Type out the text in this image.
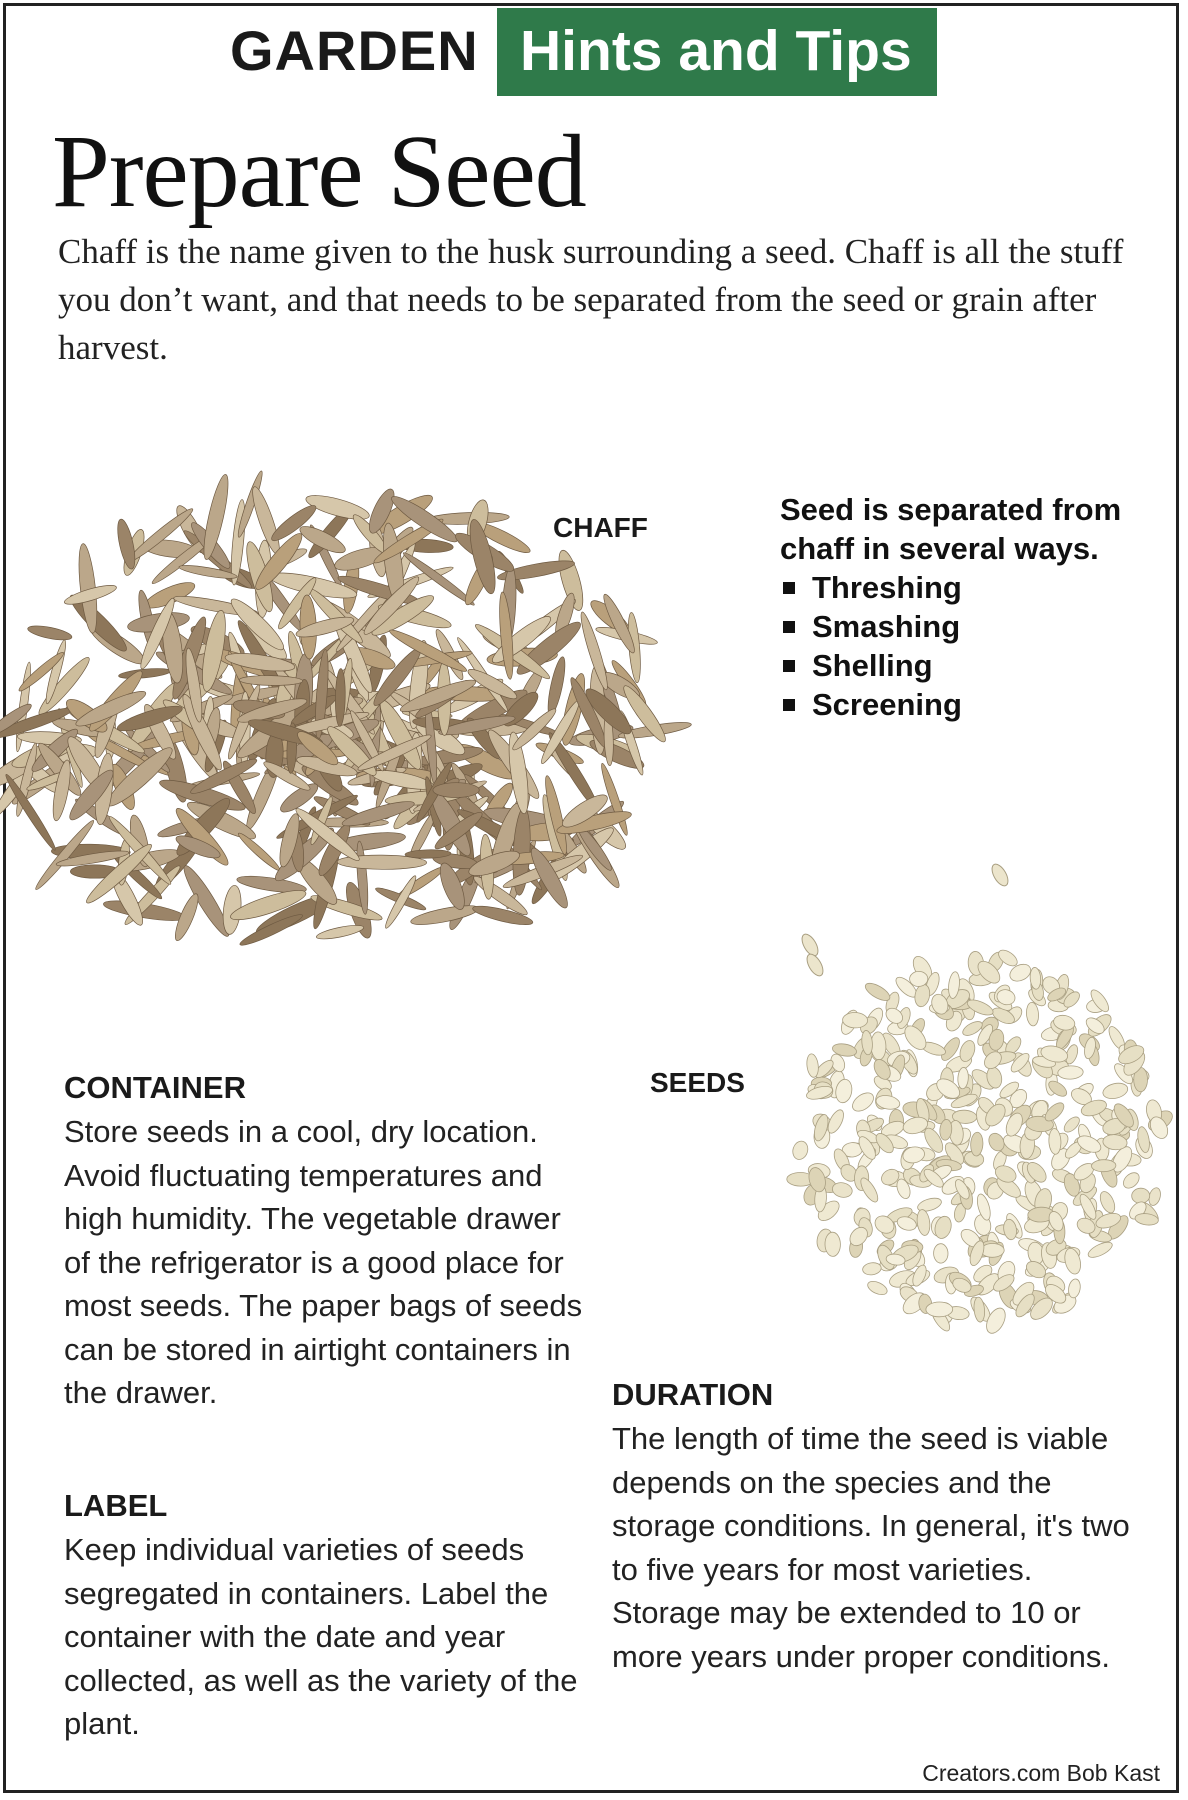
GARDEN Hints and Tips
Prepare Seed
Chaff is the name given to the husk surrounding a seed. Chaff is all the stuff you don’t want, and that needs to be separated from the seed or grain after harvest.
CHAFF
SEEDS
Seed is separated from chaff in several ways.
Threshing
Smashing
Shelling
Screening

CONTAINER

Store seeds in a cool, dry location. Avoid fluctuating temperatures and high humidity. The vegetable drawer of the refrigerator is a good place for most seeds. The paper bags of seeds can be stored in airtight containers in the drawer.

LABEL

Keep individual varieties of seeds segregated in containers. Label the container with the date and year collected, as well as the variety of the plant.

DURATION

The length of time the seed is viable depends on the species and the storage conditions. In general, it's two to five years for most varieties. Storage may be extended to 10 or more years under proper conditions.

Creators.com Bob Kast
